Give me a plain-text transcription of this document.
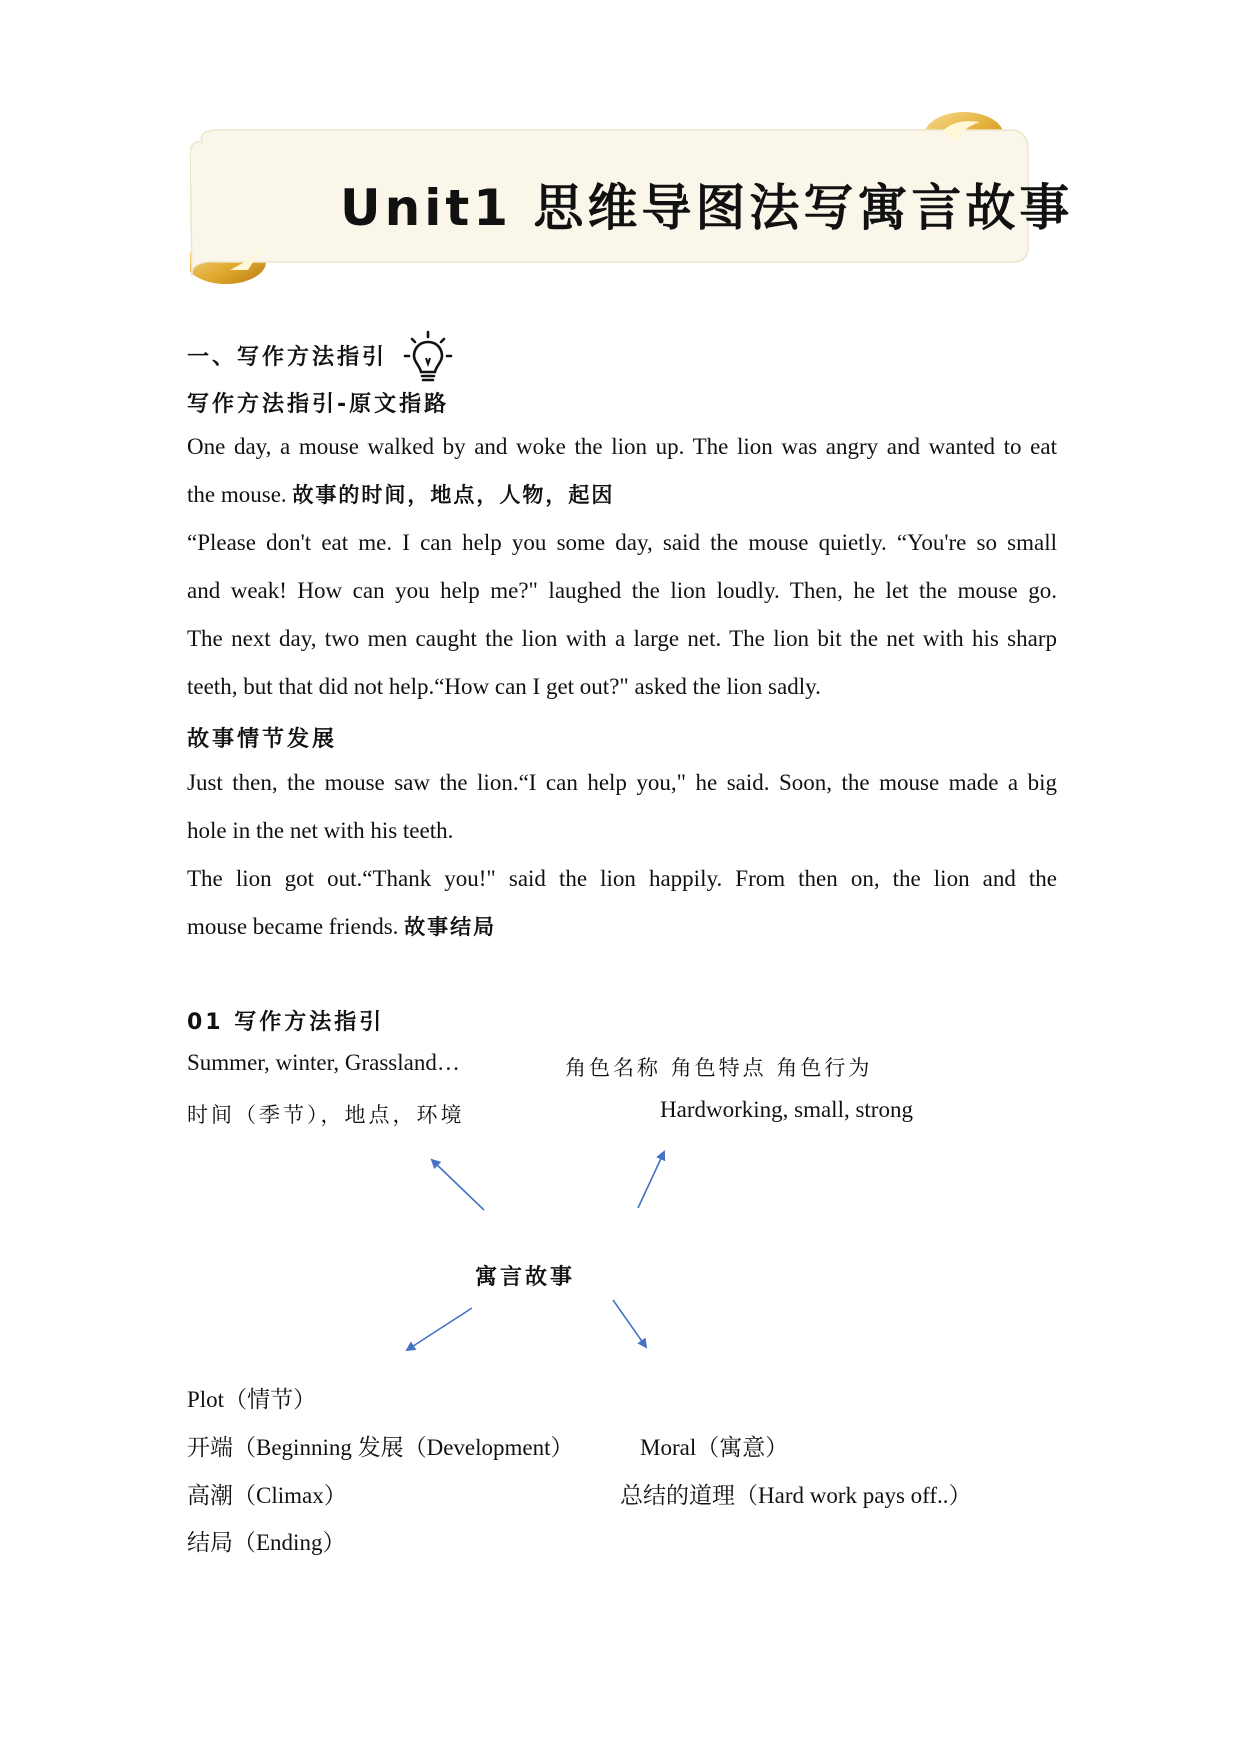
Unit1 思维导图法写寓言故事
一、写作方法指引
写作方法指引-原文指路
One day, a mouse walked by and woke the lion up. The lion was angry and wanted to eat
the mouse. 故事的时间，地点，人物，起因
“Please don't eat me. I can help you some day, said the mouse quietly. “You're so small
and weak! How can you help me?" laughed the lion loudly. Then, he let the mouse go.
The next day, two men caught the lion with a large net. The lion bit the net with his sharp
teeth, but that did not help.“How can I get out?" asked the lion sadly.
故事情节发展
Just then, the mouse saw the lion.“I can help you," he said. Soon, the mouse made a big
hole in the net with his teeth.
The lion got out.“Thank you!" said the lion happily. From then on, the lion and the
mouse became friends. 故事结局
01 写作方法指引
Summer, winter, Grassland…	角色名称 角色特点 角色行为
时间（季节），地点，环境	Hardworking, small, strong
寓言故事
Plot（情节）
开端（Beginning 发展（Development）	Moral（寓意）
高潮（Climax）	总结的道理（Hard work pays off..）
结局（Ending）
